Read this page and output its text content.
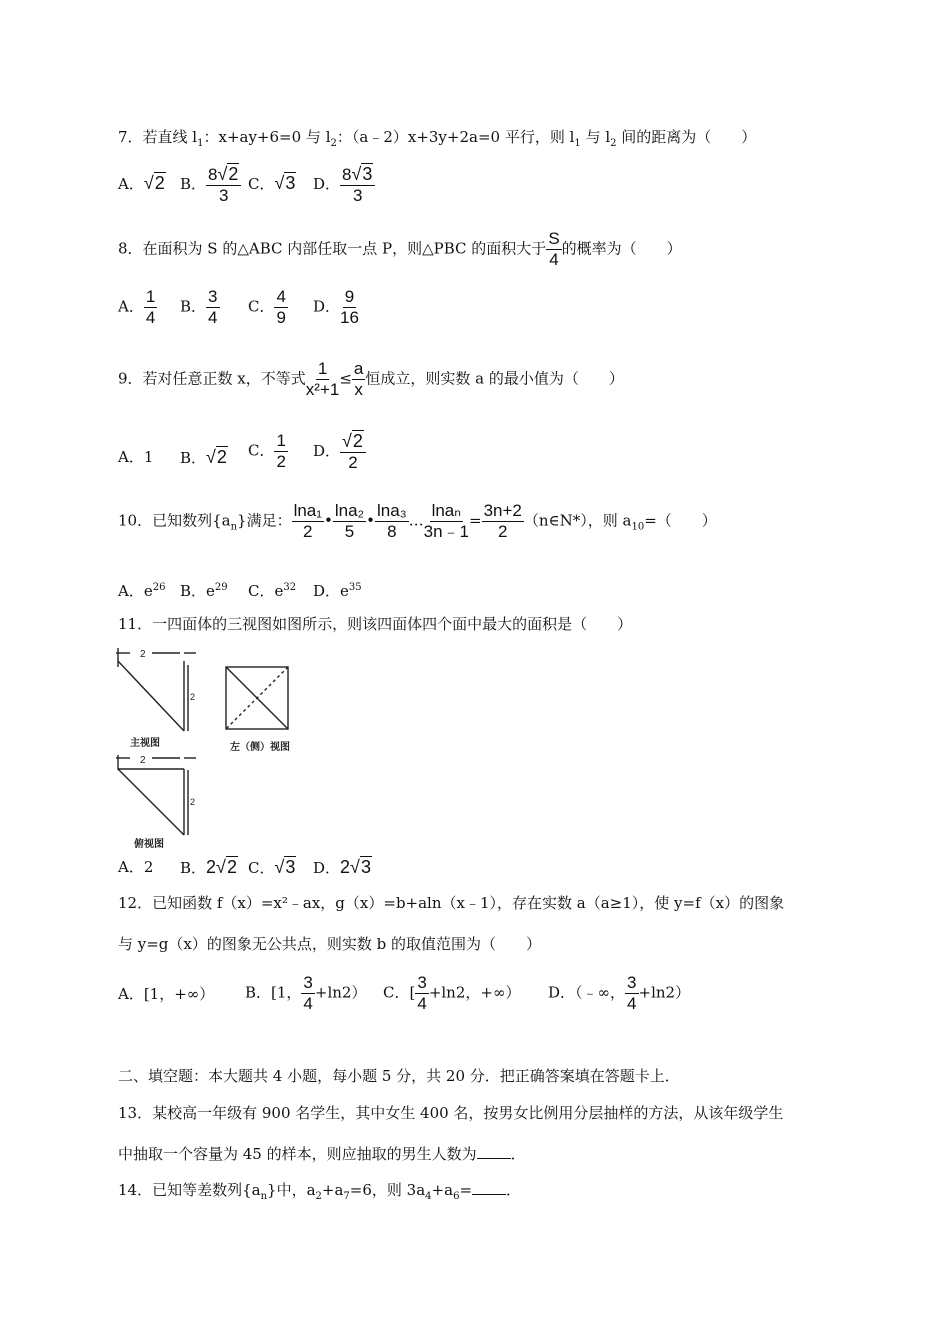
7．若直线 $l_1$：x+ay+6=0 与 $l_2$：（a﹣2）x+3y+2a=0 平行，则 $l_1$ 与 $l_2$ 间的距离为（　　）
A．√2 B． $\frac{8√2}{3}$ C．√3 D． $\frac{8√3}{3}$
8．在面积为 S 的△ABC 内部任取一点 P，则△PBC 的面积大于 $\frac{S}{4}$ 的概率为（　　）
A． $\frac{1}{4}$ B． $\frac{3}{4}$ C． $\frac{4}{9}$ D． $\frac{9}{16}$
9．若对任意正数 x，不等式 $\frac{1}{\text{x²+1}} \le \frac{a}{x}$ 恒成立，则实数 a 的最小值为（　　）
A．1 B．√2 C． $\frac{1}{2}$ D． $\frac{√2}{2}$
10．已知数列$\{a_n\}$满足： $\frac{\text{lna₁}}{2}$ • $\frac{\text{lna₂}}{5}$ • $\frac{\text{lna₃}}{8}$ … $\frac{\text{lnaₙ}}{3n﹣1} = \frac{3n+2}{2}$ （n∈N*），则 $a_{10}=$（　　）
A．$e^{26}$ B．$e^{29}$ C．$e^{32}$ D．$e^{35}$
11．一四面体的三视图如图所示，则该四面体四个面中最大的面积是（　　）
2
2
主视图	左（侧）视图
2
2
俯视图
A．2 B．2√2 C．√3 D．2√3
12．已知函数 f（x）=x²﹣ax，g（x）=b+aln（x﹣1），存在实数 a（a≥1），使 y=f（x）的图象
与 y=g（x）的图象无公共点，则实数 b 的取值范围为（　　）
A．[1，+∞） B．[1， $\frac{3}{4} +\ln 2$） C．[ $\frac{3}{4} +\ln 2$，+∞） D．（﹣∞， $\frac{3}{4} +\ln 2$）
二、填空题：本大题共 4 小题，每小题 5 分，共 20 分．把正确答案填在答题卡上．
13．某校高一年级有 900 名学生，其中女生 400 名，按男女比例用分层抽样的方法，从该年级学生
中抽取一个容量为 45 的样本，则应抽取的男生人数为 ．
14．已知等差数列$\{a_n\}$中，$a_2+a_7=6$，则 $3a_4+a_6=$ ．
